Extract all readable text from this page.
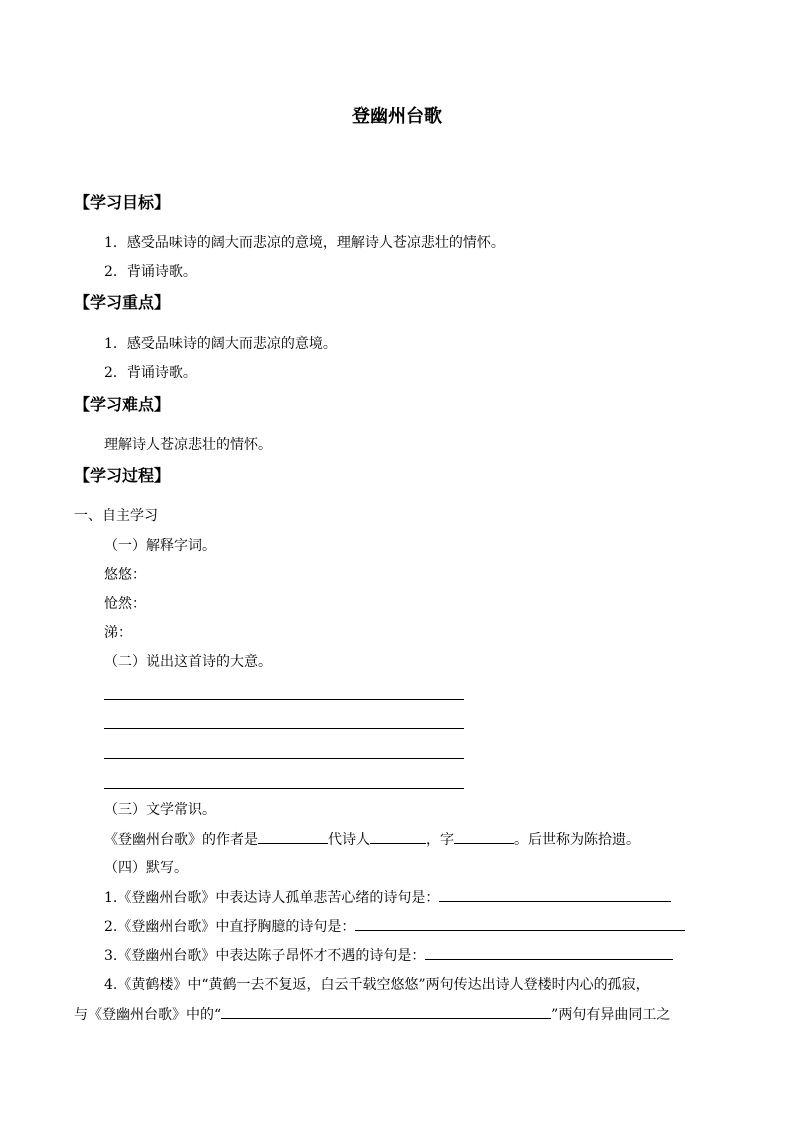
登幽州台歌
【学习目标】
1．感受品味诗的阔大而悲凉的意境，理解诗人苍凉悲壮的情怀。
2．背诵诗歌。
【学习重点】
1．感受品味诗的阔大而悲凉的意境。
2．背诵诗歌。
【学习难点】
理解诗人苍凉悲壮的情怀。
【学习过程】
一、自主学习
（一）解释字词。
悠悠：
怆然：
涕：
（二）说出这首诗的大意。
（三）文学常识。
《登幽州台歌》的作者是	代诗人	，字	。后世称为陈拾遗。
（四）默写。
1.《登幽州台歌》中表达诗人孤单悲苦心绪的诗句是：
2.《登幽州台歌》中直抒胸臆的诗句是：
3.《登幽州台歌》中表达陈子昂怀才不遇的诗句是：
4.《黄鹤楼》中“黄鹤一去不复返，白云千载空悠悠”两句传达出诗人登楼时内心的孤寂，
与《登幽州台歌》中的“	”两句有异曲同工之
